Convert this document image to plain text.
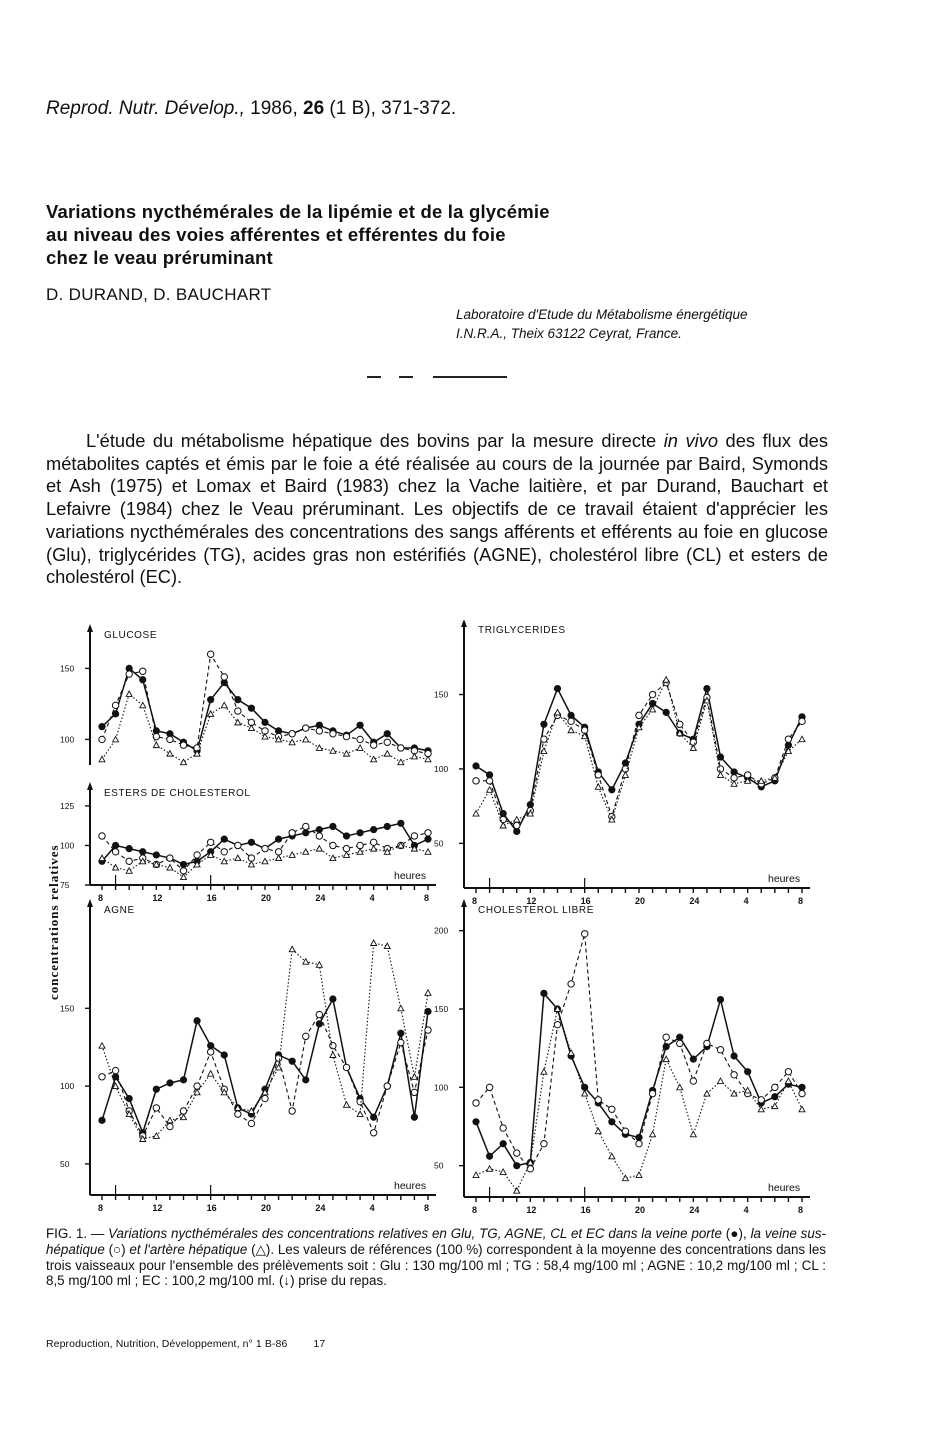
Reprod. Nutr. Dévelop., 1986, 26 (1 B), 371-372.
Variations nycthémérales de la lipémie et de la glycémie
au niveau des voies afférentes et efférentes du foie
chez le veau préruminant
D. DURAND, D. BAUCHART
Laboratoire d'Etude du Métabolisme énergétique
I.N.R.A., Theix 63122 Ceyrat, France.

L'étude du métabolisme hépatique des bovins par la mesure directe in vivo des flux des métabolites captés et émis par le foie a été réalisée au cours de la journée par Baird, Symonds et Ash (1975) et Lomax et Baird (1983) chez la Vache laitière, et par Durand, Bauchart et Lefaivre (1984) chez le Veau préruminant. Les objectifs de ce travail étaient d'apprécier les variations nycthémérales des concentrations des sangs afférents et efférents au foie en glucose (Glu), triglycérides (TG), acides gras non estérifiés (AGNE), cholestérol libre (CL) et esters de cholestérol (EC).

150
100
GLUCOSE
heures
8	12	16	20	24	4	8
125
100
75
ESTERS DE CHOLESTEROL
heures
8	12	16	20	24	4	8
150
100
50
AGNE
heures
8	12	16	20	24	4	8
150
100
50
TRIGLYCERIDES
heures
8	12	16	20	24	4	8
200
150
100
50
CHOLESTEROL LIBRE
concentrations relatives
FIG. 1. — Variations nycthémérales des concentrations relatives en Glu, TG, AGNE, CL et EC dans la veine porte (●), la veine sus-hépatique (○) et l'artère hépatique (△). Les valeurs de références (100 %) correspondent à la moyenne des concentrations dans les trois vaisseaux pour l'ensemble des prélèvements soit : Glu : 130 mg/100 ml ; TG : 58,4 mg/100 ml ; AGNE : 10,2 mg/100 ml ; CL : 8,5 mg/100 ml ; EC : 100,2 mg/100 ml. (↓) prise du repas.
Reproduction, Nutrition, Développement, n° 1 B-86 17
